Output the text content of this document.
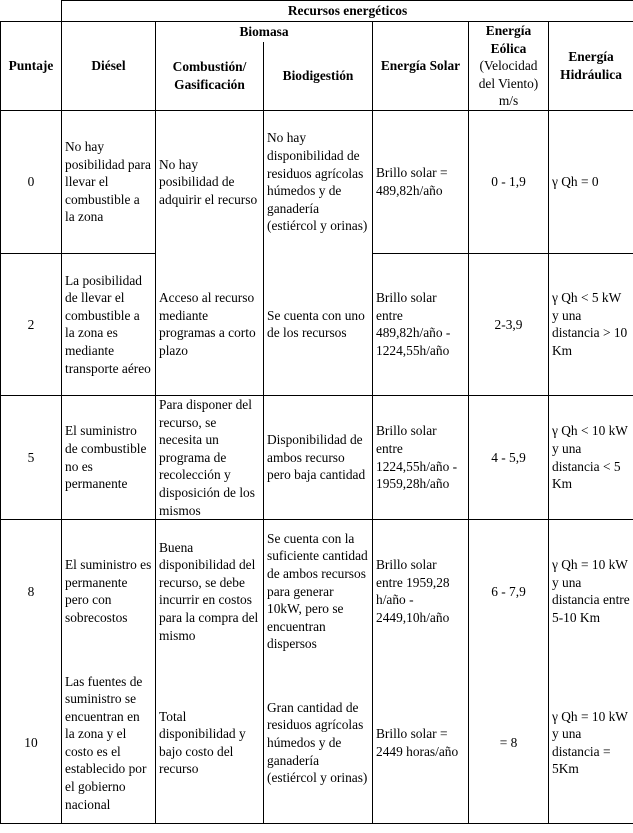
	Recursos energéticos					
Puntaje	Diésel	Biomasa		Energía Solar	Energía Eólica (Velocidad del Viento) m/s	Energía Hidráulica
		Combustión/ Gasificación	Biodigestión			
0	No hay posibilidad para llevar el combustible a la zona	No hay posibilidad de adquirir el recurso	No hay disponibilidad de residuos agrícolas húmedos y de ganadería (estiércol y orinas)	Brillo solar = 489,82h/año	0 - 1,9	γ Qh = 0
2	La posibilidad de llevar el combustible a la zona es mediante transporte aéreo	Acceso al recurso mediante programas a corto plazo	Se cuenta con uno de los recursos	Brillo solar entre 489,82h/año - 1224,55h/año	2-3,9	γ Qh < 5 kW y una distancia > 10 Km
5	El suministro de combustible no es permanente	Para disponer del recurso, se necesita un programa de recolección y disposición de los mismos	Disponibilidad de ambos recurso pero baja cantidad	Brillo solar entre 1224,55h/año - 1959,28h/año	4 - 5,9	γ Qh < 10 kW y una distancia < 5 Km
8	El suministro es permanente pero con sobrecostos	Buena disponibilidad del recurso, se debe incurrir en costos para la compra del mismo	Se cuenta con la suficiente cantidad de ambos recursos para generar 10kW, pero se encuentran dispersos	Brillo solar entre 1959,28 h/año - 2449,10h/año	6 - 7,9	γ Qh = 10 kW y una distancia entre 5-10 Km
10	Las fuentes de suministro se encuentran en la zona y el costo es el establecido por el gobierno nacional	Total disponibilidad y bajo costo del recurso	Gran cantidad de residuos agrícolas húmedos y de ganadería (estiércol y orinas)	Brillo solar = 2449 horas/año	= 8	γ Qh = 10 kW y una distancia = 5Km
